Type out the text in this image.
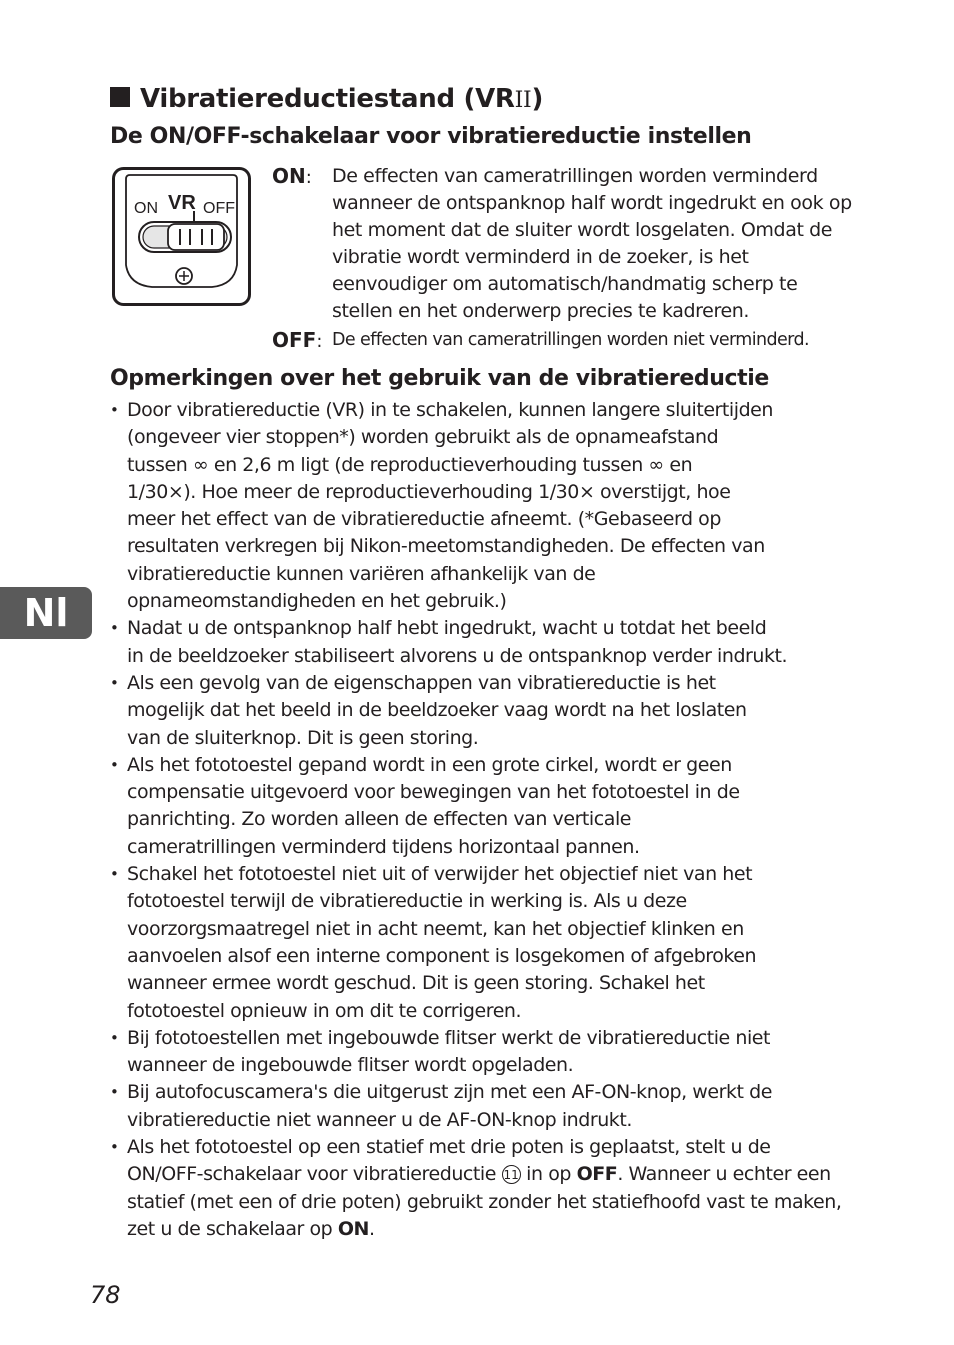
Vibratiereductiestand (VRII)
De ON/OFF-schakelaar voor vibratiereductie instellen
ON VR OFF
ON: De effecten van cameratrillingen worden verminderd wanneer de ontspanknop half wordt ingedrukt en ook op het moment dat de sluiter wordt losgelaten. Omdat de vibratie wordt verminderd in de zoeker, is het eenvoudiger om automatisch/handmatig scherp te stellen en het onderwerp precies te kadreren.
OFF: De effecten van cameratrillingen worden niet verminderd.
Opmerkingen over het gebruik van de vibratiereductie
• Door vibratiereductie (VR) in te schakelen, kunnen langere sluitertijden
(ongeveer vier stoppen*) worden gebruikt als de opnameafstand
tussen ∞ en 2,6 m ligt (de reproductieverhouding tussen ∞ en
1/30×). Hoe meer de reproductieverhouding 1/30× overstijgt, hoe
meer het effect van de vibratiereductie afneemt. (*Gebaseerd op
resultaten verkregen bij Nikon-meetomstandigheden. De effecten van
vibratiereductie kunnen variëren afhankelijk van de
opnameomstandigheden en het gebruik.)
• Nadat u de ontspanknop half hebt ingedrukt, wacht u totdat het beeld
in de beeldzoeker stabiliseert alvorens u de ontspanknop verder indrukt.
• Als een gevolg van de eigenschappen van vibratiereductie is het
mogelijk dat het beeld in de beeldzoeker vaag wordt na het loslaten
van de sluiterknop. Dit is geen storing.
• Als het fototoestel gepand wordt in een grote cirkel, wordt er geen
compensatie uitgevoerd voor bewegingen van het fototoestel in de
panrichting. Zo worden alleen de effecten van verticale
cameratrillingen verminderd tijdens horizontaal pannen.
• Schakel het fototoestel niet uit of verwijder het objectief niet van het
fototoestel terwijl de vibratiereductie in werking is. Als u deze
voorzorgsmaatregel niet in acht neemt, kan het objectief klinken en
aanvoelen alsof een interne component is losgekomen of afgebroken
wanneer ermee wordt geschud. Dit is geen storing. Schakel het
fototoestel opnieuw in om dit te corrigeren.
• Bij fototoestellen met ingebouwde flitser werkt de vibratiereductie niet
wanneer de ingebouwde flitser wordt opgeladen.
• Bij autofocuscamera's die uitgerust zijn met een AF-ON-knop, werkt de
vibratiereductie niet wanneer u de AF-ON-knop indrukt.
• Als het fototoestel op een statief met drie poten is geplaatst, stelt u de ON/OFF-schakelaar voor vibratiereductie 11 in op OFF. Wanneer u echter een statief (met een of drie poten) gebruikt zonder het statiefhoofd vast te maken, zet u de schakelaar op ON.
Nl
78
